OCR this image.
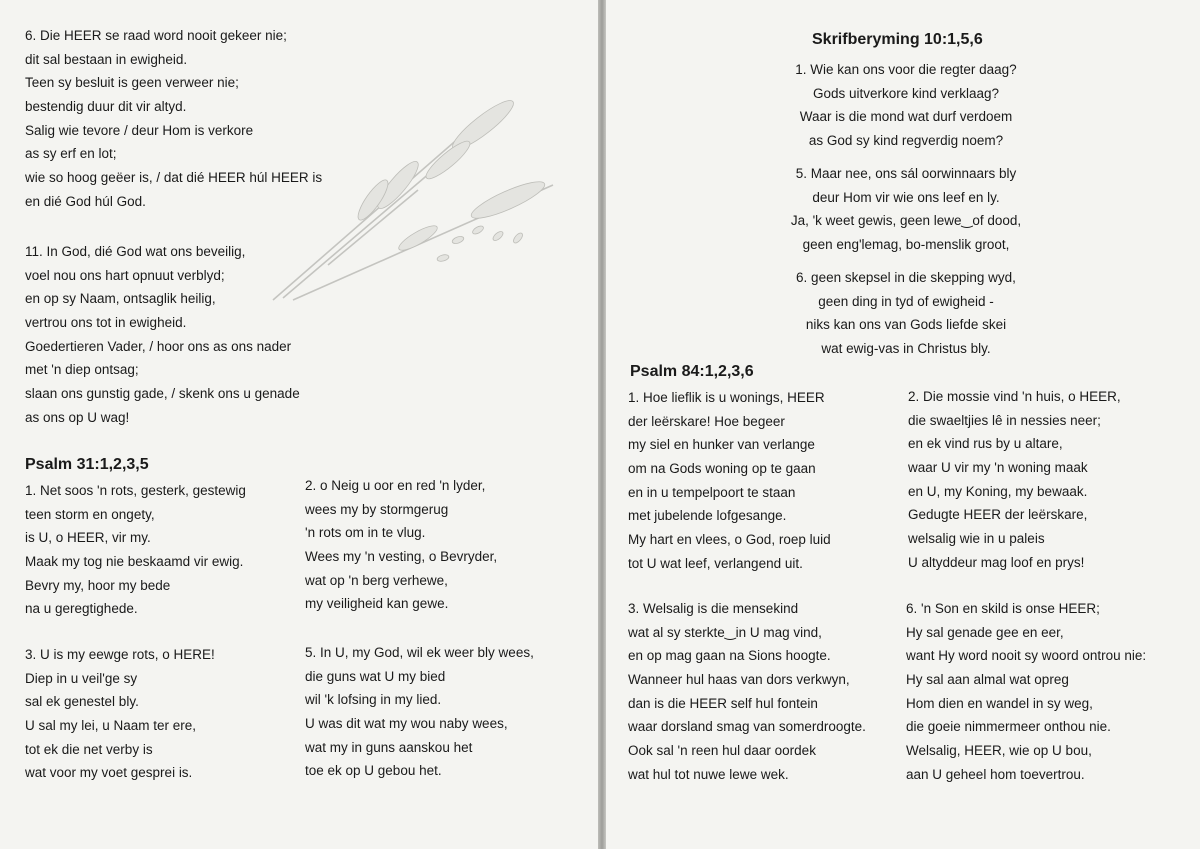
6. Die HEER se raad word nooit gekeer nie;
dit sal bestaan in ewigheid.
Teen sy besluit is geen verweer nie;
bestendig duur dit vir altyd.
Salig wie tevore / deur Hom is verkore
as sy erf en lot;
wie so hoog geëer is, / dat dié HEER húl HEER is
en dié God húl God.
11. In God, dié God wat ons beveilig,
voel nou ons hart opnuut verblyd;
en op sy Naam, ontsaglik heilig,
vertrou ons tot in ewigheid.
Goedertieren Vader, / hoor ons as ons nader
met 'n diep ontsag;
slaan ons gunstig gade, / skenk ons u genade
as ons op U wag!
Psalm 31:1,2,3,5
1. Net soos 'n rots, gesterk, gestewig
teen storm en ongety,
is U, o HEER, vir my.
Maak my tog nie beskaamd vir ewig.
Bevry my, hoor my bede
na u geregtighede.
2. o Neig u oor en red 'n lyder,
wees my by stormgerug
'n rots om in te vlug.
Wees my 'n vesting, o Bevryder,
wat op 'n berg verhewe,
my veiligheid kan gewe.
3. U is my eewge rots, o HERE!
Diep in u veil'ge sy
sal ek genestel bly.
U sal my lei, u Naam ter ere,
tot ek die net verby is
wat voor my voet gesprei is.
5. In U, my God, wil ek weer bly wees,
die guns wat U my bied
wil 'k lofsing in my lied.
U was dit wat my wou naby wees,
wat my in guns aanskou het
toe ek op U gebou het.
Skrifberyming 10:1,5,6
1. Wie kan ons voor die regter daag?
Gods uitverkore kind verklaag?
Waar is die mond wat durf verdoem
as God sy kind regverdig noem?
5. Maar nee, ons sál oorwinnaars bly
deur Hom vir wie ons leef en ly.
Ja, 'k weet gewis, geen lewe‿of dood,
geen eng'lemag, bo-menslik groot,
6. geen skepsel in die skepping wyd,
geen ding in tyd of ewigheid -
niks kan ons van Gods liefde skei
wat ewig-vas in Christus bly.
Psalm 84:1,2,3,6
1. Hoe lieflik is u wonings, HEER
der leërskare! Hoe begeer
my siel en hunker van verlange
om na Gods woning op te gaan
en in u tempelpoort te staan
met jubelende lofgesange.
My hart en vlees, o God, roep luid
tot U wat leef, verlangend uit.
2. Die mossie vind 'n huis, o HEER,
die swaeltjies lê in nessies neer;
en ek vind rus by u altare,
waar U vir my 'n woning maak
en U, my Koning, my bewaak.
Gedugte HEER der leërskare,
welsalig wie in u paleis
U altyddeur mag loof en prys!
3. Welsalig is die mensekind
wat al sy sterkte‿in U mag vind,
en op mag gaan na Sions hoogte.
Wanneer hul haas van dors verkwyn,
dan is die HEER self hul fontein
waar dorsland smag van somerdroogte.
Ook sal 'n reen hul daar oordek
wat hul tot nuwe lewe wek.
6. 'n Son en skild is onse HEER;
Hy sal genade gee en eer,
want Hy word nooit sy woord ontrou nie:
Hy sal aan almal wat opreg
Hom dien en wandel in sy weg,
die goeie nimmermeer onthou nie.
Welsalig, HEER, wie op U bou,
aan U geheel hom toevertrou.
